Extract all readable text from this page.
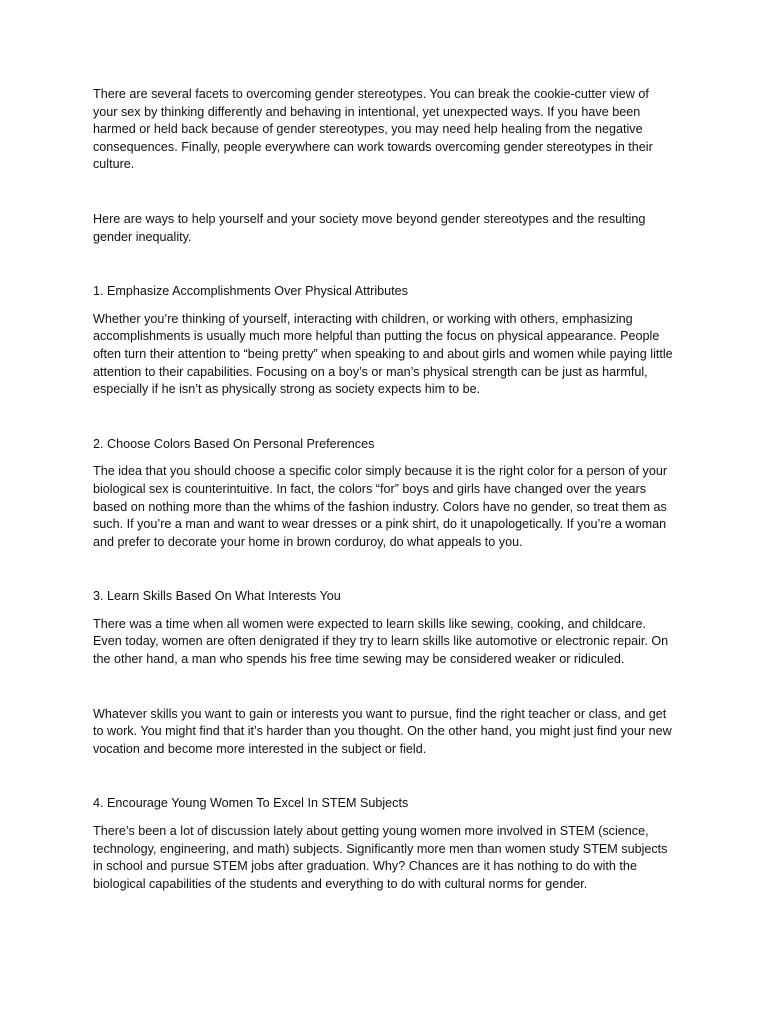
There are several facets to overcoming gender stereotypes. You can break the cookie-cutter view of your sex by thinking differently and behaving in intentional, yet unexpected ways. If you have been harmed or held back because of gender stereotypes, you may need help healing from the negative consequences. Finally, people everywhere can work towards overcoming gender stereotypes in their culture.

Here are ways to help yourself and your society move beyond gender stereotypes and the resulting gender inequality.

1. Emphasize Accomplishments Over Physical Attributes

Whether you’re thinking of yourself, interacting with children, or working with others, emphasizing accomplishments is usually much more helpful than putting the focus on physical appearance. People often turn their attention to “being pretty” when speaking to and about girls and women while paying little attention to their capabilities. Focusing on a boy’s or man’s physical strength can be just as harmful, especially if he isn’t as physically strong as society expects him to be.

2. Choose Colors Based On Personal Preferences

The idea that you should choose a specific color simply because it is the right color for a person of your biological sex is counterintuitive. In fact, the colors “for” boys and girls have changed over the years based on nothing more than the whims of the fashion industry. Colors have no gender, so treat them as such. If you’re a man and want to wear dresses or a pink shirt, do it unapologetically. If you’re a woman and prefer to decorate your home in brown corduroy, do what appeals to you.

3. Learn Skills Based On What Interests You

There was a time when all women were expected to learn skills like sewing, cooking, and childcare. Even today, women are often denigrated if they try to learn skills like automotive or electronic repair. On the other hand, a man who spends his free time sewing may be considered weaker or ridiculed.

Whatever skills you want to gain or interests you want to pursue, find the right teacher or class, and get to work. You might find that it’s harder than you thought. On the other hand, you might just find your new vocation and become more interested in the subject or field.

4. Encourage Young Women To Excel In STEM Subjects

There’s been a lot of discussion lately about getting young women more involved in STEM (science, technology, engineering, and math) subjects. Significantly more men than women study STEM subjects in school and pursue STEM jobs after graduation. Why? Chances are it has nothing to do with the biological capabilities of the students and everything to do with cultural norms for gender.
